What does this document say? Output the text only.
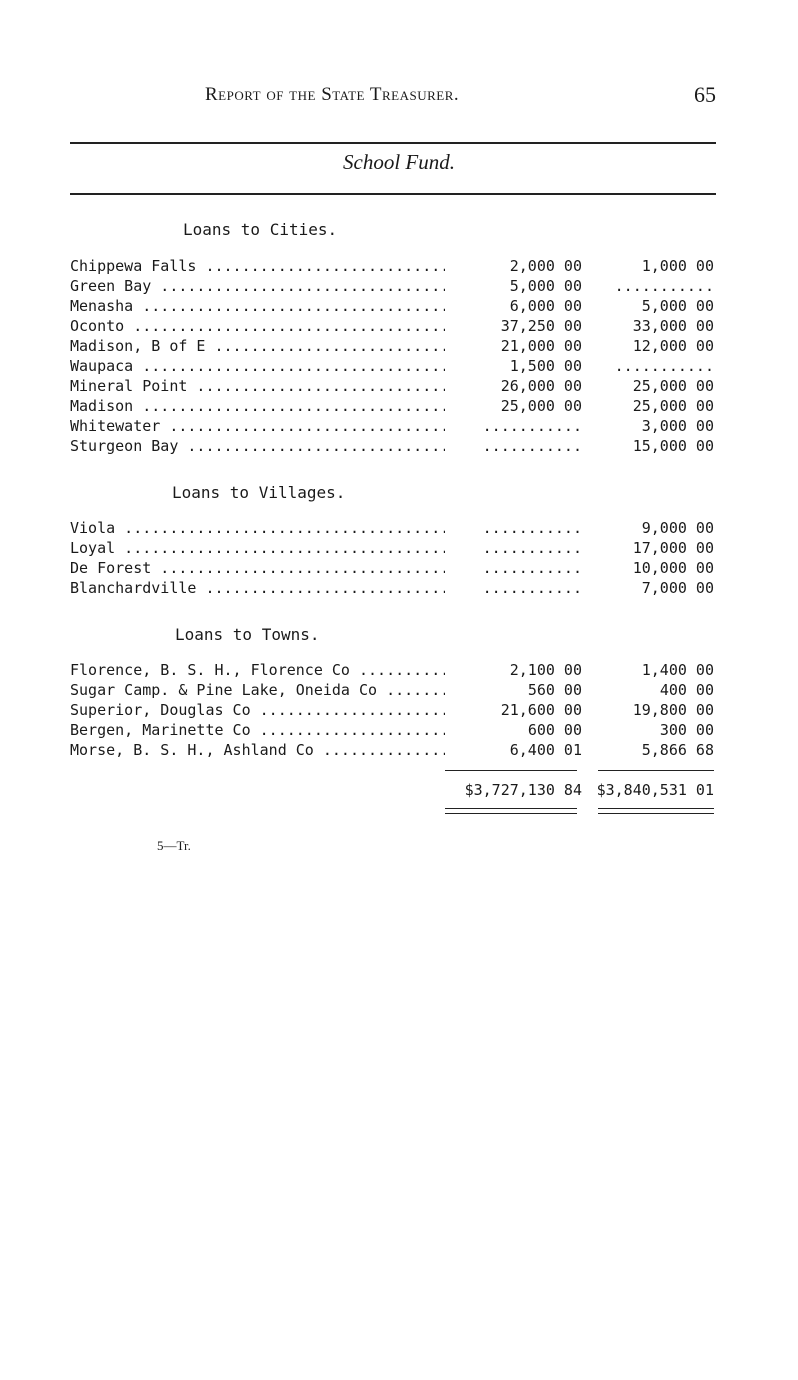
Report of the State Treasurer.	65
School Fund.
Loans to Cities.
Chippewa Falls .....	2,000 00	1,000 00
Green Bay .....	5,000 00	...........
Menasha .....	6,000 00	5,000 00
Oconto .....	37,250 00	33,000 00
Madison, B of E .....	21,000 00	12,000 00
Waupaca .....	1,500 00	...........
Mineral Point .....	26,000 00	25,000 00
Madison .....	25,000 00	25,000 00
Whitewater .....	...........	3,000 00
Sturgeon Bay .....	...........	15,000 00
Loans to Villages.
Viola .....	...........	9,000 00
Loyal .....	...........	17,000 00
De Forest .....	...........	10,000 00
Blanchardville .....	...........	7,000 00
Loans to Towns.
Florence, B. S. H., Florence Co .....	2,100 00	1,400 00
Sugar Camp. & Pine Lake, Oneida Co .....	560 00	400 00
Superior, Douglas Co .....	21,600 00	19,800 00
Bergen, Marinette Co .....	600 00	300 00
Morse, B. S. H., Ashland Co .....	6,400 01	5,866 68
$3,727,130 84 $3,840,531 01
5—Tr.
